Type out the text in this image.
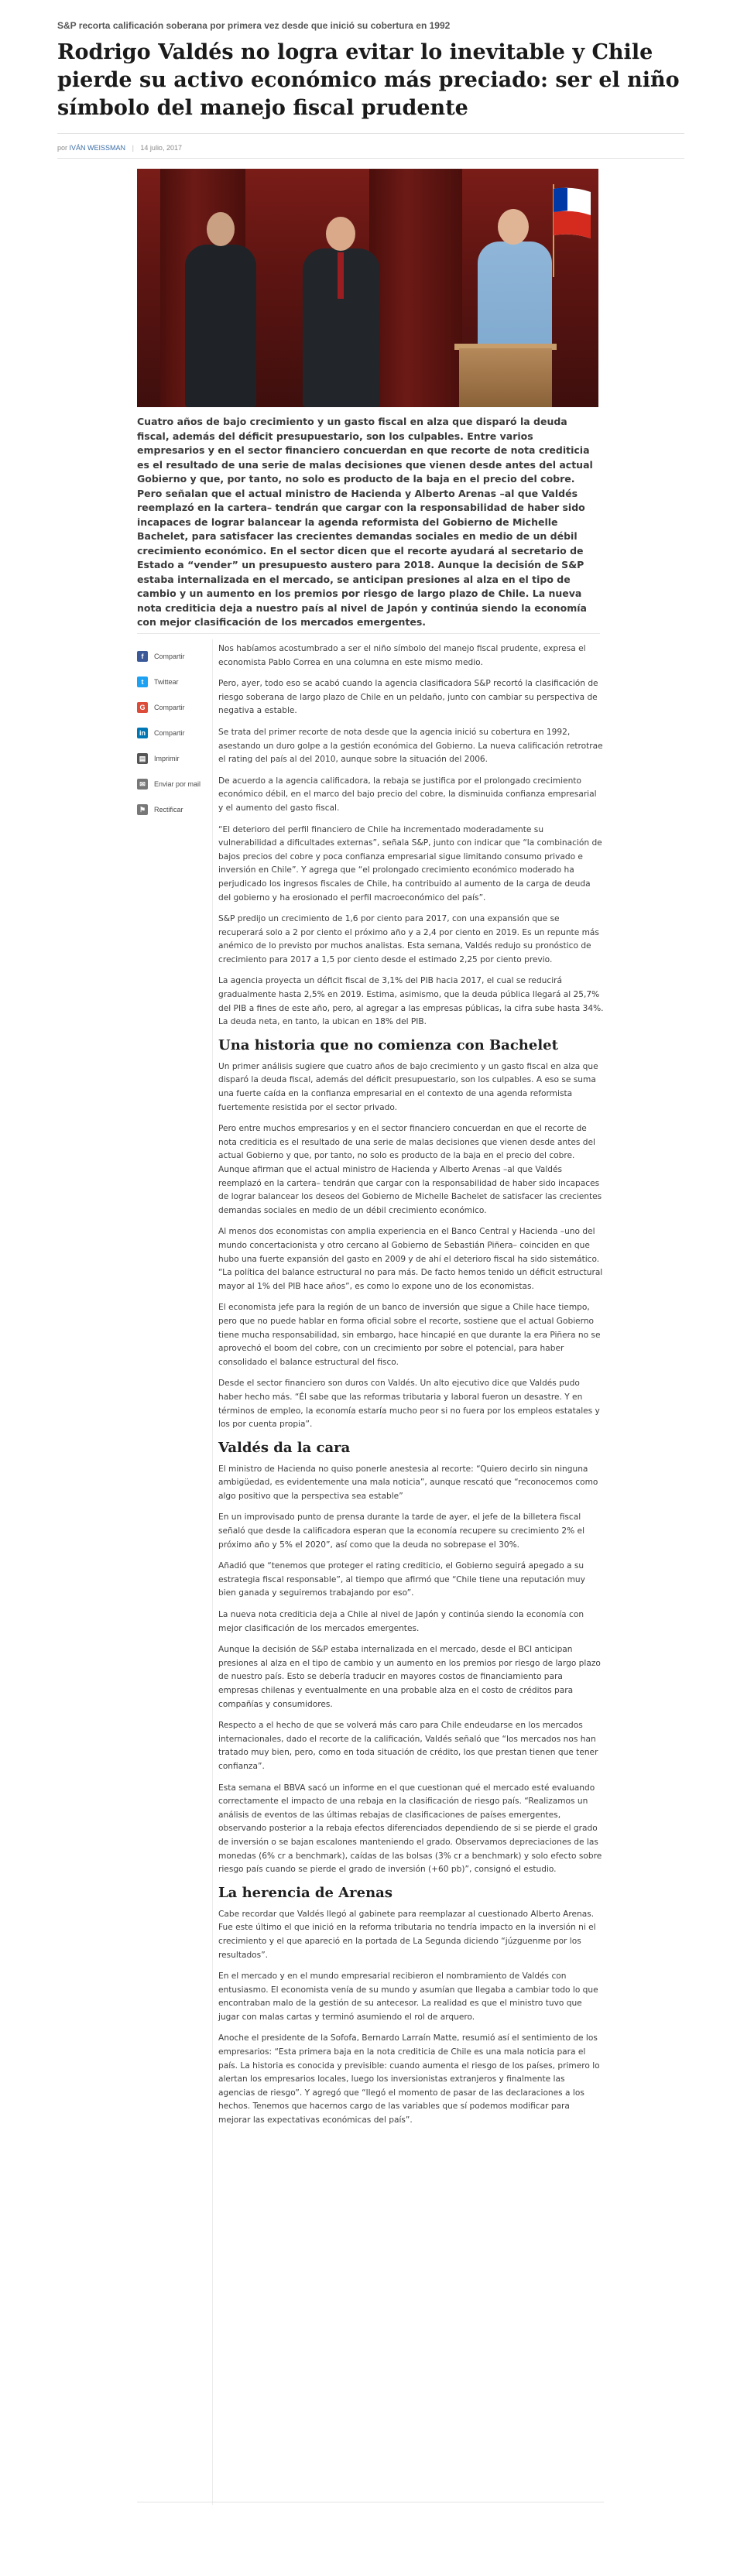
S&P recorta calificación soberana por primera vez desde que inició su cobertura en 1992
Rodrigo Valdés no logra evitar lo inevitable y Chile pierde su activo económico más preciado: ser el niño símbolo del manejo fiscal prudente
por IVÁN WEISSMAN | 14 julio, 2017
Cuatro años de bajo crecimiento y un gasto fiscal en alza que disparó la deuda fiscal, además del déficit presupuestario, son los culpables. Entre varios empresarios y en el sector financiero concuerdan en que recorte de nota crediticia es el resultado de una serie de malas decisiones que vienen desde antes del actual Gobierno y que, por tanto, no solo es producto de la baja en el precio del cobre. Pero señalan que el actual ministro de Hacienda y Alberto Arenas –al que Valdés reemplazó en la cartera– tendrán que cargar con la responsabilidad de haber sido incapaces de lograr balancear la agenda reformista del Gobierno de Michelle Bachelet, para satisfacer las crecientes demandas sociales en medio de un débil crecimiento económico. En el sector dicen que el recorte ayudará al secretario de Estado a “vender” un presupuesto austero para 2018. Aunque la decisión de S&P estaba internalizada en el mercado, se anticipan presiones al alza en el tipo de cambio y un aumento en los premios por riesgo de largo plazo de Chile. La nueva nota crediticia deja a nuestro país al nivel de Japón y continúa siendo la economía con mejor clasificación de los mercados emergentes.
f	Compartir
t	Twittear
G	Compartir
in	Compartir
▤	Imprimir
✉	Enviar por mail
⚑	Rectificar

Nos habíamos acostumbrado a ser el niño símbolo del manejo fiscal prudente, expresa el economista Pablo Correa en una columna en este mismo medio.

Pero, ayer, todo eso se acabó cuando la agencia clasificadora S&P recortó la clasificación de riesgo soberana de largo plazo de Chile en un peldaño, junto con cambiar su perspectiva de negativa a estable.

Se trata del primer recorte de nota desde que la agencia inició su cobertura en 1992, asestando un duro golpe a la gestión económica del Gobierno. La nueva calificación retrotrae el rating del país al del 2010, aunque sobre la situación del 2006.

De acuerdo a la agencia calificadora, la rebaja se justifica por el prolongado crecimiento económico débil, en el marco del bajo precio del cobre, la disminuida confianza empresarial y el aumento del gasto fiscal.

“El deterioro del perfil financiero de Chile ha incrementado moderadamente su vulnerabilidad a dificultades externas”, señala S&P, junto con indicar que “la combinación de bajos precios del cobre y poca confianza empresarial sigue limitando consumo privado e inversión en Chile”. Y agrega que “el prolongado crecimiento económico moderado ha perjudicado los ingresos fiscales de Chile, ha contribuido al aumento de la carga de deuda del gobierno y ha erosionado el perfil macroeconómico del país”.

S&P predijo un crecimiento de 1,6 por ciento para 2017, con una expansión que se recuperará solo a 2 por ciento el próximo año y a 2,4 por ciento en 2019. Es un repunte más anémico de lo previsto por muchos analistas. Esta semana, Valdés redujo su pronóstico de crecimiento para 2017 a 1,5 por ciento desde el estimado 2,25 por ciento previo.

La agencia proyecta un déficit fiscal de 3,1% del PIB hacia 2017, el cual se reducirá gradualmente hasta 2,5% en 2019. Estima, asimismo, que la deuda pública llegará al 25,7% del PIB a fines de este año, pero, al agregar a las empresas públicas, la cifra sube hasta 34%. La deuda neta, en tanto, la ubican en 18% del PIB.

Una historia que no comienza con Bachelet

Un primer análisis sugiere que cuatro años de bajo crecimiento y un gasto fiscal en alza que disparó la deuda fiscal, además del déficit presupuestario, son los culpables. A eso se suma una fuerte caída en la confianza empresarial en el contexto de una agenda reformista fuertemente resistida por el sector privado.

Pero entre muchos empresarios y en el sector financiero concuerdan en que el recorte de nota crediticia es el resultado de una serie de malas decisiones que vienen desde antes del actual Gobierno y que, por tanto, no solo es producto de la baja en el precio del cobre. Aunque afirman que el actual ministro de Hacienda y Alberto Arenas –al que Valdés reemplazó en la cartera– tendrán que cargar con la responsabilidad de haber sido incapaces de lograr balancear los deseos del Gobierno de Michelle Bachelet de satisfacer las crecientes demandas sociales en medio de un débil crecimiento económico.

Al menos dos economistas con amplia experiencia en el Banco Central y Hacienda –uno del mundo concertacionista y otro cercano al Gobierno de Sebastián Piñera– coinciden en que hubo una fuerte expansión del gasto en 2009 y de ahí el deterioro fiscal ha sido sistemático. “La política del balance estructural no para más. De facto hemos tenido un déficit estructural mayor al 1% del PIB hace años”, es como lo expone uno de los economistas.

El economista jefe para la región de un banco de inversión que sigue a Chile hace tiempo, pero que no puede hablar en forma oficial sobre el recorte, sostiene que el actual Gobierno tiene mucha responsabilidad, sin embargo, hace hincapié en que durante la era Piñera no se aprovechó el boom del cobre, con un crecimiento por sobre el potencial, para haber consolidado el balance estructural del fisco.

Desde el sector financiero son duros con Valdés. Un alto ejecutivo dice que Valdés pudo haber hecho más. “Él sabe que las reformas tributaria y laboral fueron un desastre. Y en términos de empleo, la economía estaría mucho peor si no fuera por los empleos estatales y los por cuenta propia”.

Valdés da la cara

El ministro de Hacienda no quiso ponerle anestesia al recorte: “Quiero decirlo sin ninguna ambigüedad, es evidentemente una mala noticia”, aunque rescató que “reconocemos como algo positivo que la perspectiva sea estable”

En un improvisado punto de prensa durante la tarde de ayer, el jefe de la billetera fiscal señaló que desde la calificadora esperan que la economía recupere su crecimiento 2% el próximo año y 5% el 2020”, así como que la deuda no sobrepase el 30%.

Añadió que “tenemos que proteger el rating crediticio, el Gobierno seguirá apegado a su estrategia fiscal responsable”, al tiempo que afirmó que “Chile tiene una reputación muy bien ganada y seguiremos trabajando por eso”.

La nueva nota crediticia deja a Chile al nivel de Japón y continúa siendo la economía con mejor clasificación de los mercados emergentes.

Aunque la decisión de S&P estaba internalizada en el mercado, desde el BCI anticipan presiones al alza en el tipo de cambio y un aumento en los premios por riesgo de largo plazo de nuestro país. Esto se debería traducir en mayores costos de financiamiento para empresas chilenas y eventualmente en una probable alza en el costo de créditos para compañías y consumidores.

Respecto a el hecho de que se volverá más caro para Chile endeudarse en los mercados internacionales, dado el recorte de la calificación, Valdés señaló que “los mercados nos han tratado muy bien, pero, como en toda situación de crédito, los que prestan tienen que tener confianza”.

Esta semana el BBVA sacó un informe en el que cuestionan qué el mercado esté evaluando correctamente el impacto de una rebaja en la clasificación de riesgo país. “Realizamos un análisis de eventos de las últimas rebajas de clasificaciones de países emergentes, observando posterior a la rebaja efectos diferenciados dependiendo de si se pierde el grado de inversión o se bajan escalones manteniendo el grado. Observamos depreciaciones de las monedas (6% cr a benchmark), caídas de las bolsas (3% cr a benchmark) y solo efecto sobre riesgo país cuando se pierde el grado de inversión (+60 pb)”, consignó el estudio.

La herencia de Arenas

Cabe recordar que Valdés llegó al gabinete para reemplazar al cuestionado Alberto Arenas. Fue este último el que inició en la reforma tributaria no tendría impacto en la inversión ni el crecimiento y el que apareció en la portada de La Segunda diciendo “júzguenme por los resultados”.

En el mercado y en el mundo empresarial recibieron el nombramiento de Valdés con entusiasmo. El economista venía de su mundo y asumían que llegaba a cambiar todo lo que encontraban malo de la gestión de su antecesor. La realidad es que el ministro tuvo que jugar con malas cartas y terminó asumiendo el rol de arquero.

Anoche el presidente de la Sofofa, Bernardo Larraín Matte, resumió así el sentimiento de los empresarios: “Esta primera baja en la nota crediticia de Chile es una mala noticia para el país. La historia es conocida y previsible: cuando aumenta el riesgo de los países, primero lo alertan los empresarios locales, luego los inversionistas extranjeros y finalmente las agencias de riesgo”. Y agregó que “llegó el momento de pasar de las declaraciones a los hechos. Tenemos que hacernos cargo de las variables que sí podemos modificar para mejorar las expectativas económicas del país”.
